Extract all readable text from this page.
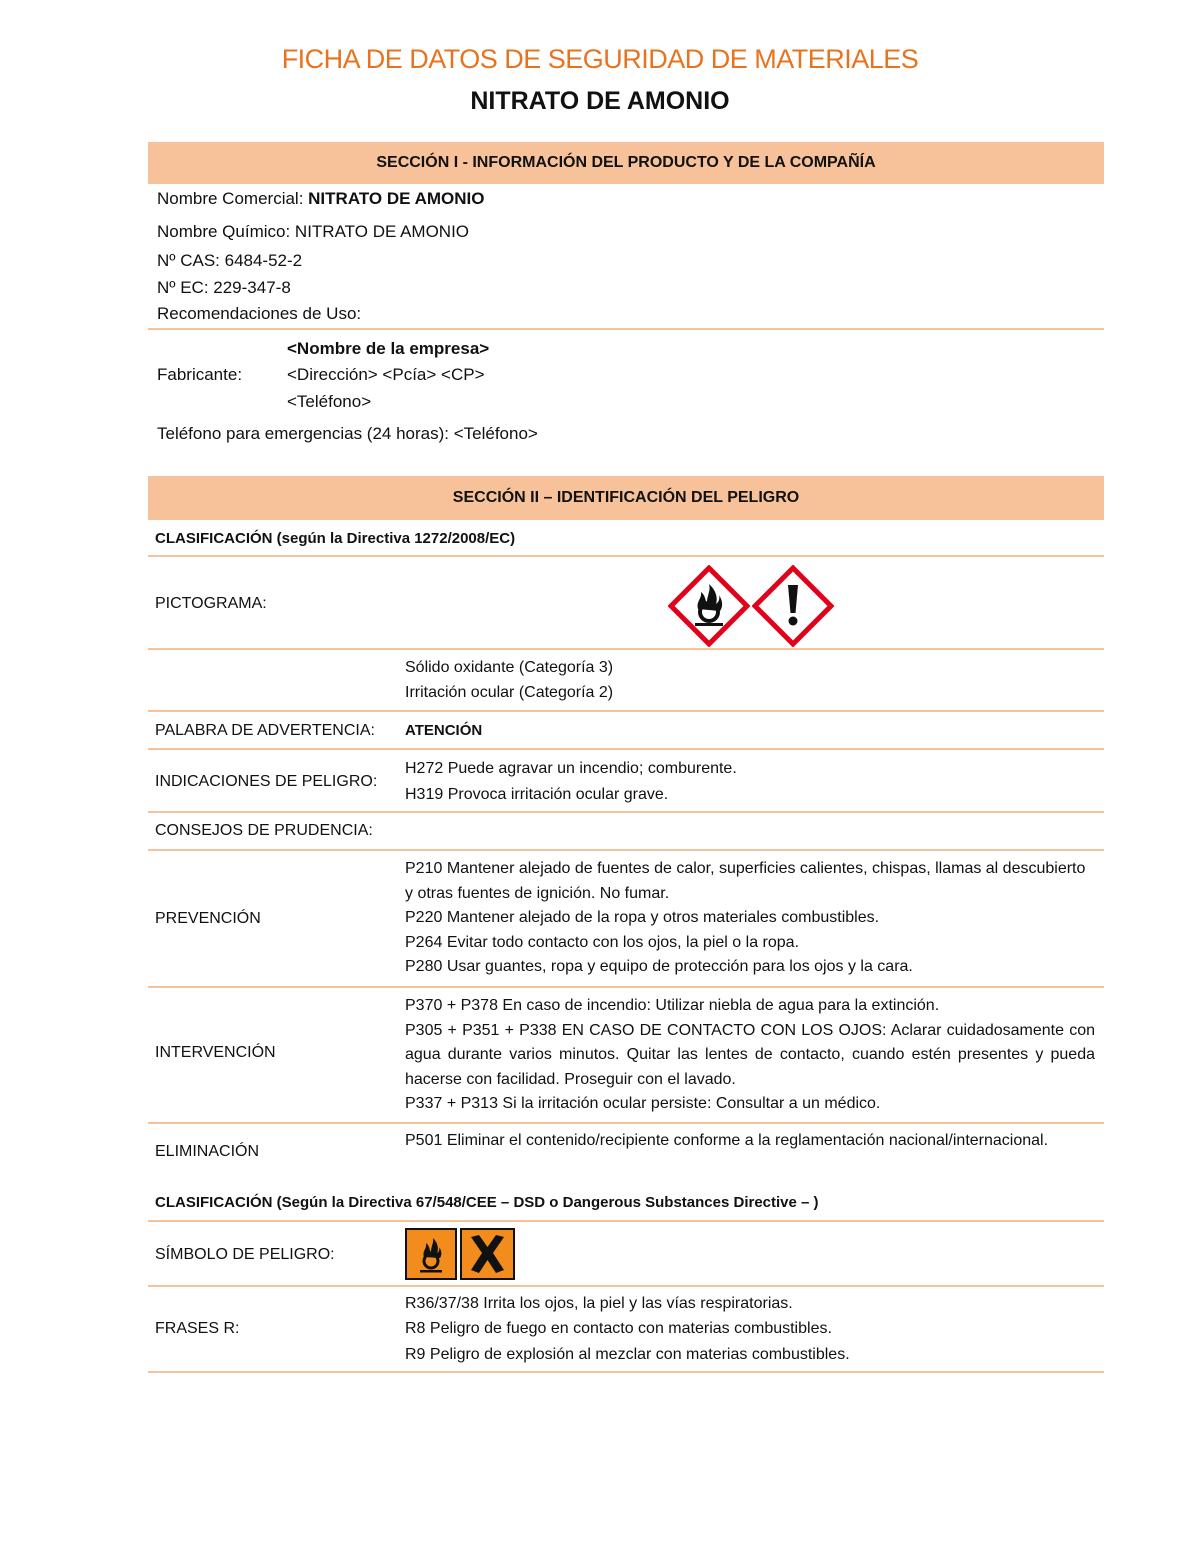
FICHA DE DATOS DE SEGURIDAD DE MATERIALES
NITRATO DE AMONIO
SECCIÓN I - INFORMACIÓN DEL PRODUCTO Y DE LA COMPAÑÍA
Nombre Comercial: NITRATO DE AMONIO
Nombre Químico: NITRATO DE AMONIO
Nº CAS: 6484-52-2
Nº EC: 229-347-8
Recomendaciones de Uso:
<Nombre de la empresa>
Fabricante:	<Dirección> <Pcía> <CP>
<Teléfono>
Teléfono para emergencias (24 horas): <Teléfono>
SECCIÓN II – IDENTIFICACIÓN DEL PELIGRO
CLASIFICACIÓN (según la Directiva 1272/2008/EC)
PICTOGRAMA:
Sólido oxidante (Categoría 3)
Irritación ocular (Categoría 2)
PALABRA DE ADVERTENCIA: ATENCIÓN
INDICACIONES DE PELIGRO:
H272 Puede agravar un incendio; comburente.
H319 Provoca irritación ocular grave.
CONSEJOS DE PRUDENCIA:
PREVENCIÓN
P210 Mantener alejado de fuentes de calor, superficies calientes, chispas, llamas al descubierto y otras fuentes de ignición. No fumar.
P220 Mantener alejado de la ropa y otros materiales combustibles.
P264 Evitar todo contacto con los ojos, la piel o la ropa.
P280 Usar guantes, ropa y equipo de protección para los ojos y la cara.
INTERVENCIÓN
P370 + P378 En caso de incendio: Utilizar niebla de agua para la extinción.
P305 + P351 + P338 EN CASO DE CONTACTO CON LOS OJOS: Aclarar cuidadosamente con agua durante varios minutos. Quitar las lentes de contacto, cuando estén presentes y pueda hacerse con facilidad. Proseguir con el lavado.
P337 + P313 Si la irritación ocular persiste: Consultar a un médico.
ELIMINACIÓN
P501 Eliminar el contenido/recipiente conforme a la reglamentación nacional/internacional.
CLASIFICACIÓN (Según la Directiva 67/548/CEE – DSD o Dangerous Substances Directive – )
SÍMBOLO DE PELIGRO:
FRASES R:
R36/37/38 Irrita los ojos, la piel y las vías respiratorias.
R8 Peligro de fuego en contacto con materias combustibles.
R9 Peligro de explosión al mezclar con materias combustibles.
